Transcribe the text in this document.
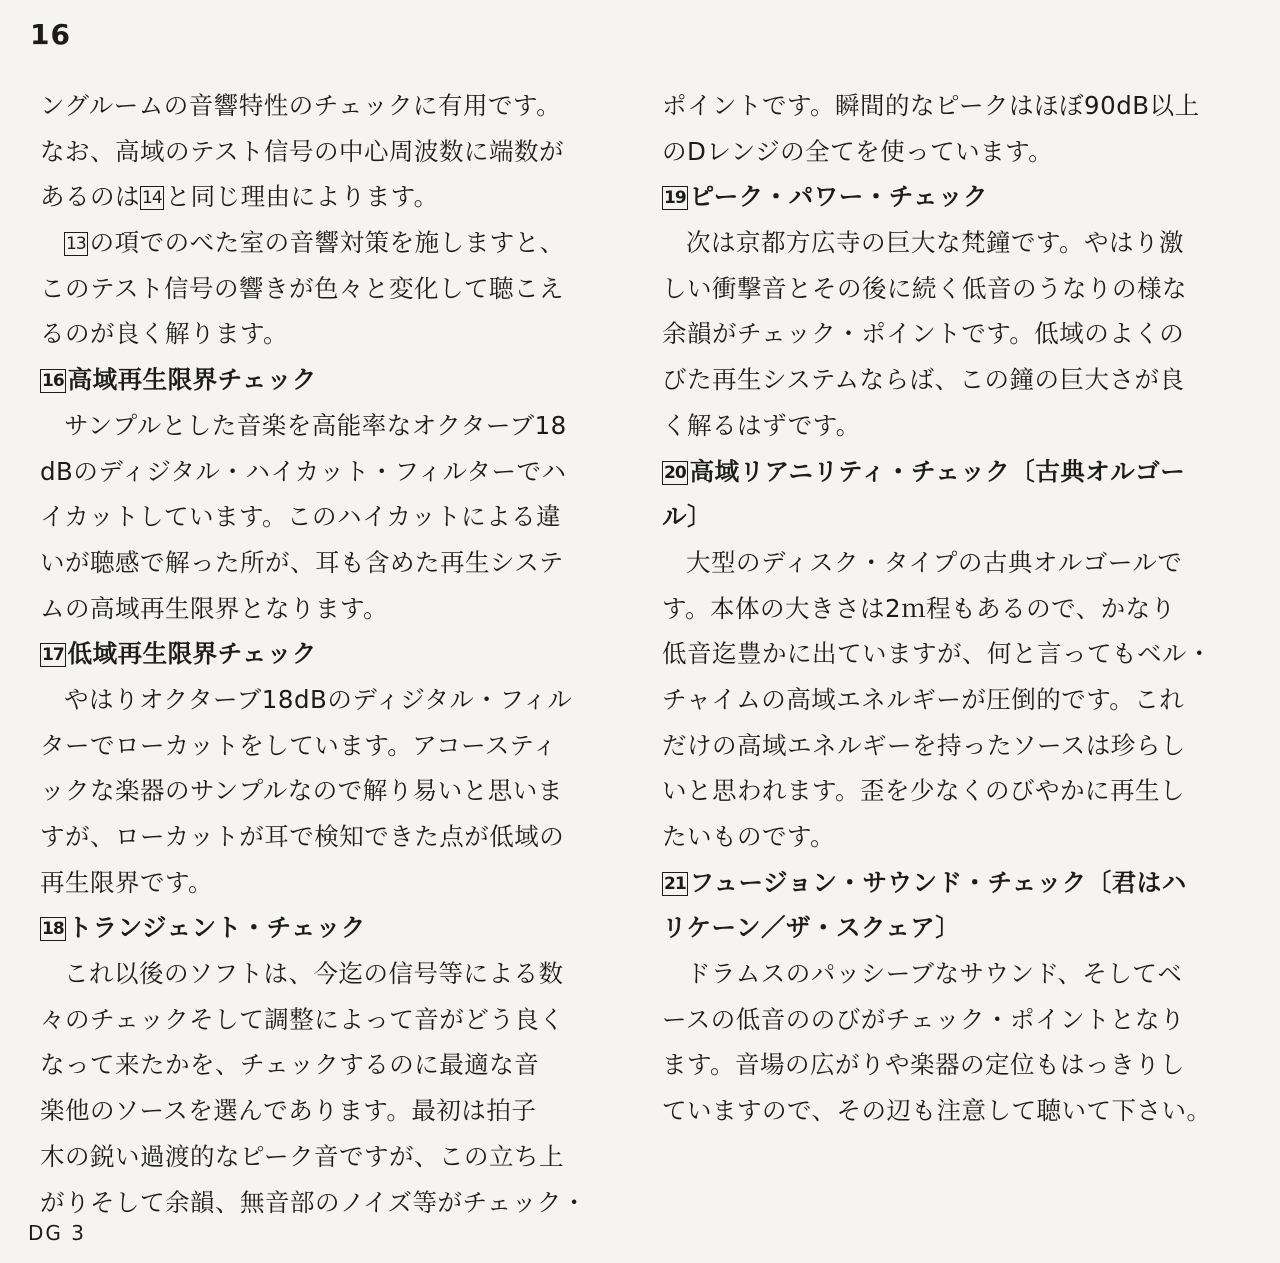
16
ングルームの音響特性のチェックに有用です。
なお、高域のテスト信号の中心周波数に端数が
あるのは 14 と同じ理由によります。
13 の項でのべた室の音響対策を施しますと、
このテスト信号の響きが色々と変化して聴こえ
るのが良く解ります。
16 高域再生限界チェック
サンプルとした音楽を高能率なオクターブ18
dBのディジタル・ハイカット・フィルターでハ
イカットしています。このハイカットによる違
いが聴感で解った所が、耳も含めた再生システ
ムの高域再生限界となります。
17 低域再生限界チェック
やはりオクターブ18dBのディジタル・フィル
ターでローカットをしています。アコースティ
ックな楽器のサンプルなので解り易いと思いま
すが、ローカットが耳で検知できた点が低域の
再生限界です。
18 トランジェント・チェック
これ以後のソフトは、今迄の信号等による数
々のチェックそして調整によって音がどう良く
なって来たかを、チェックするのに最適な音
楽他のソースを選んであります。最初は拍子
木の鋭い過渡的なピーク音ですが、この立ち上
がりそして余韻、無音部のノイズ等がチェック・
ポイントです。瞬間的なピークはほぼ90dB以上
のDレンジの全てを使っています。
19 ピーク・パワー・チェック
次は京都方広寺の巨大な梵鐘です。やはり激
しい衝撃音とその後に続く低音のうなりの様な
余韻がチェック・ポイントです。低域のよくの
びた再生システムならば、この鐘の巨大さが良
く解るはずです。
20 高域リアニリティ・チェック〔古典オルゴー
ル〕
大型のディスク・タイプの古典オルゴールで
す。本体の大きさは2ｍ程もあるので、かなり
低音迄豊かに出ていますが、何と言ってもベル・
チャイムの高域エネルギーが圧倒的です。これ
だけの高域エネルギーを持ったソースは珍らし
いと思われます。歪を少なくのびやかに再生し
たいものです。
21 フュージョン・サウンド・チェック〔君はハ
リケーン／ザ・スクェア〕
ドラムスのパッシーブなサウンド、そしてベ
ースの低音ののびがチェック・ポイントとなり
ます。音場の広がりや楽器の定位もはっきりし
ていますので、その辺も注意して聴いて下さい。
DG 3
